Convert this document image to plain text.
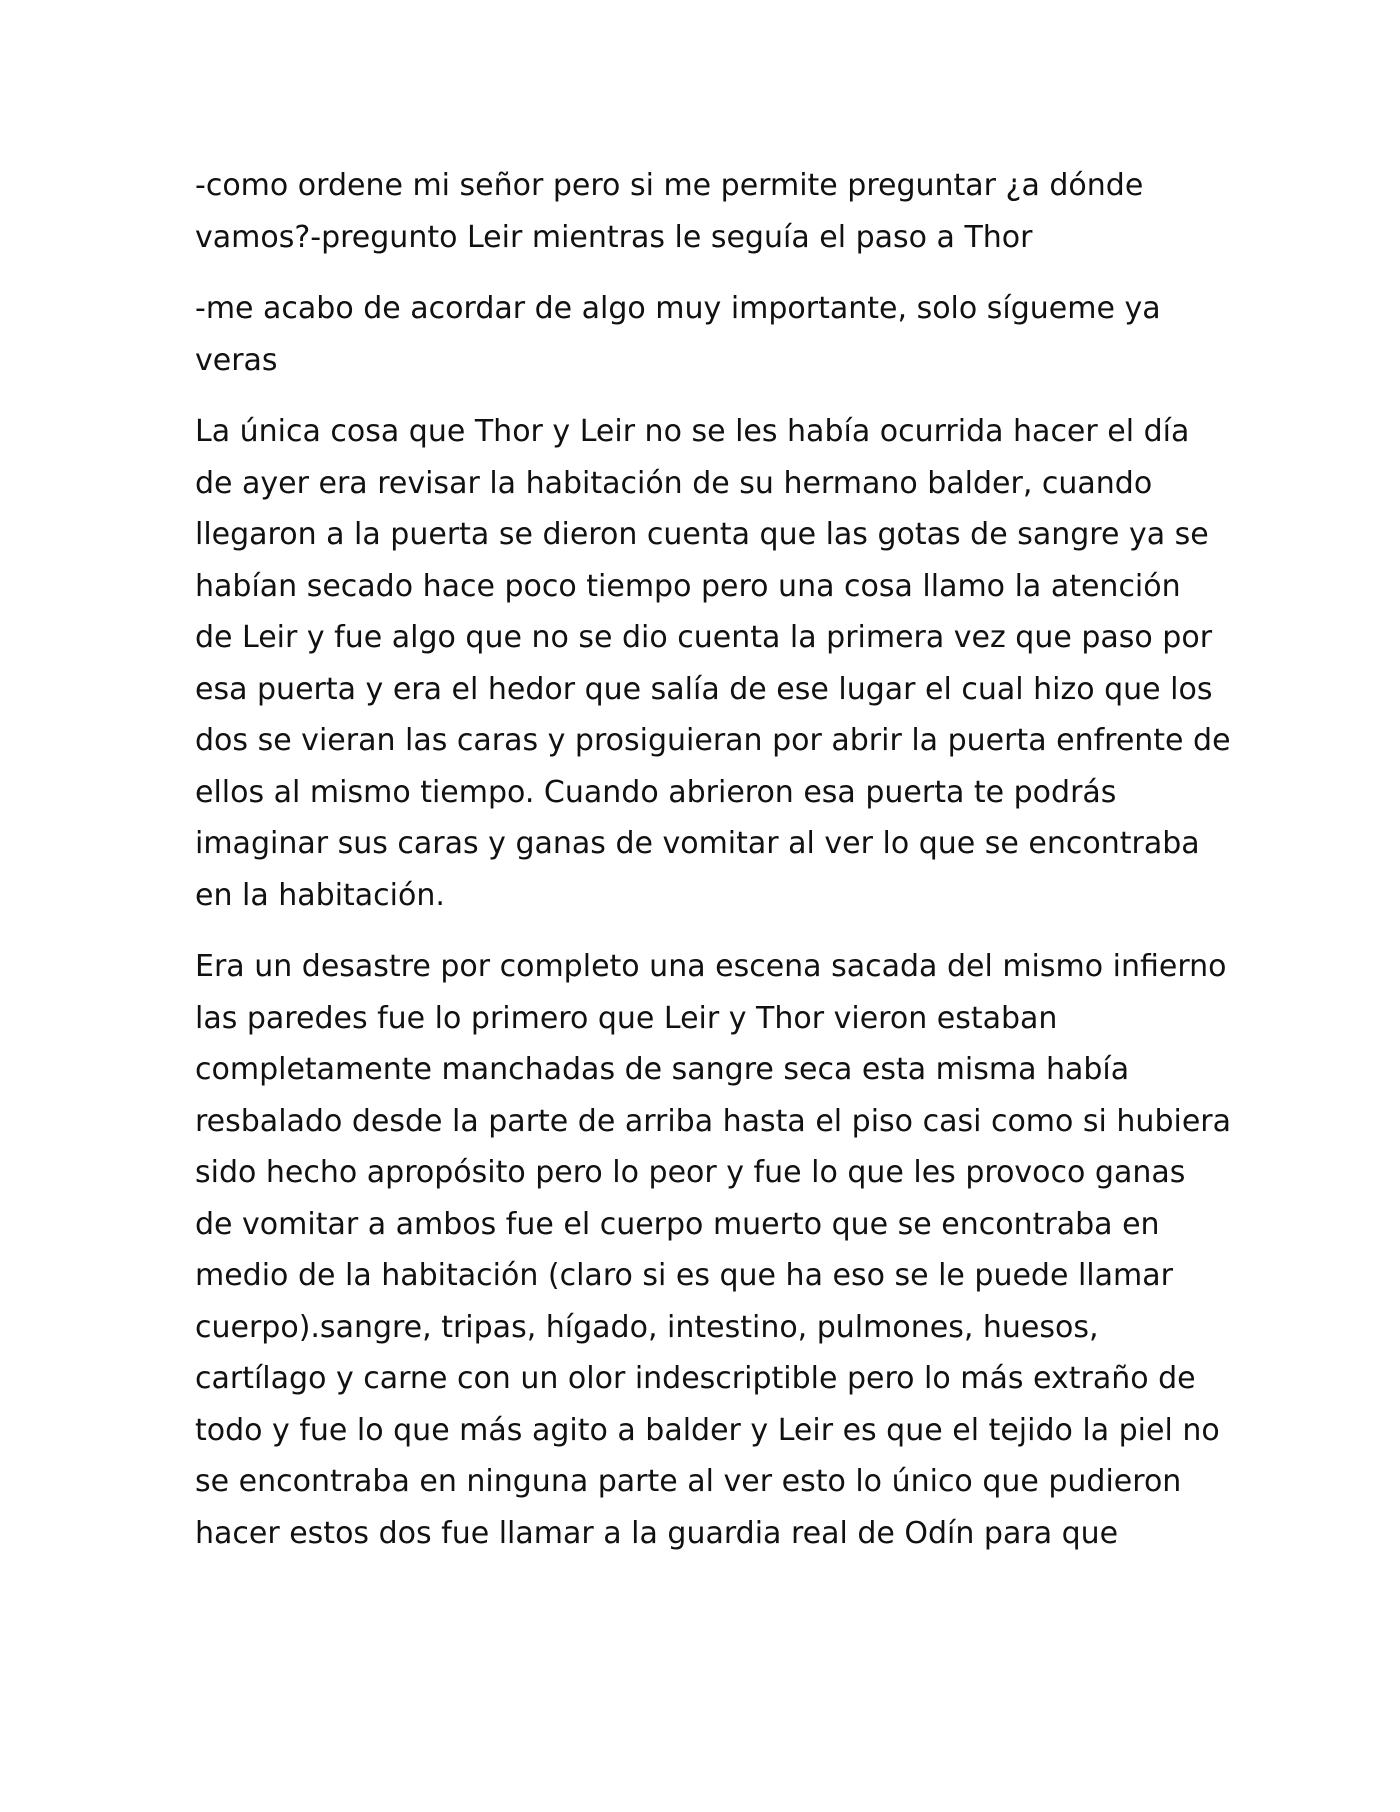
-como ordene mi señor pero si me permite preguntar ¿a dónde
vamos?-pregunto Leir mientras le seguía el paso a Thor

-me acabo de acordar de algo muy importante, solo sígueme ya
veras

La única cosa que Thor y Leir no se les había ocurrida hacer el día
de ayer era revisar la habitación de su hermano balder, cuando
llegaron a la puerta se dieron cuenta que las gotas de sangre ya se
habían secado hace poco tiempo pero una cosa llamo la atención
de Leir y fue algo que no se dio cuenta la primera vez que paso por
esa puerta y era el hedor que salía de ese lugar el cual hizo que los
dos se vieran las caras y prosiguieran por abrir la puerta enfrente de
ellos al mismo tiempo. Cuando abrieron esa puerta te podrás
imaginar sus caras y ganas de vomitar al ver lo que se encontraba
en la habitación.

Era un desastre por completo una escena sacada del mismo infierno
las paredes fue lo primero que Leir y Thor vieron estaban
completamente manchadas de sangre seca esta misma había
resbalado desde la parte de arriba hasta el piso casi como si hubiera
sido hecho apropósito pero lo peor y fue lo que les provoco ganas
de vomitar a ambos fue el cuerpo muerto que se encontraba en
medio de la habitación (claro si es que ha eso se le puede llamar
cuerpo).sangre, tripas, hígado, intestino, pulmones, huesos,
cartílago y carne con un olor indescriptible pero lo más extraño de
todo y fue lo que más agito a balder y Leir es que el tejido la piel no
se encontraba en ninguna parte al ver esto lo único que pudieron
hacer estos dos fue llamar a la guardia real de Odín para que
